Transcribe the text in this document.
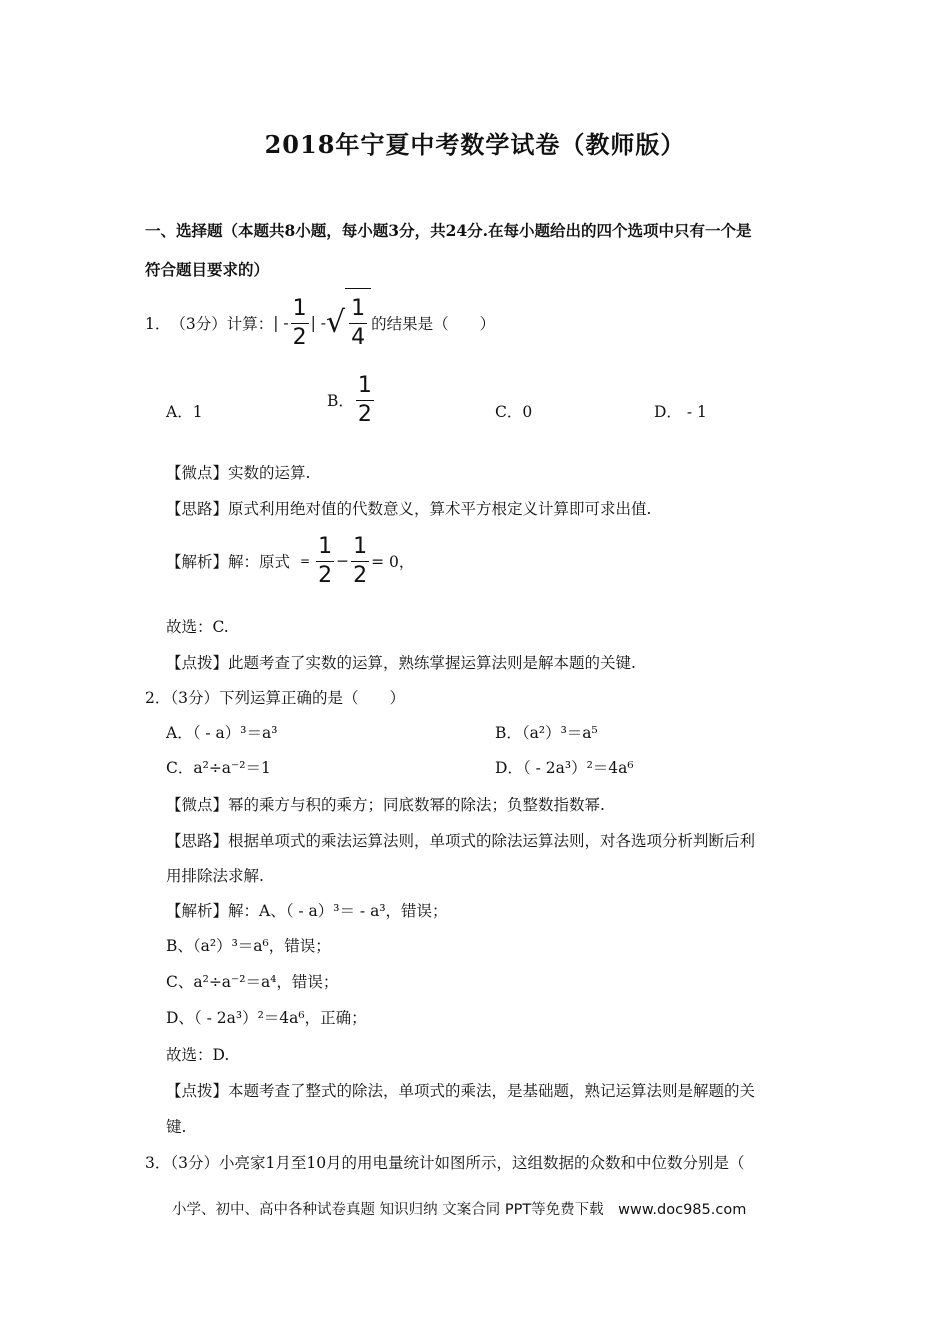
2018年宁夏中考数学试卷（教师版）
一、选择题（本题共8小题，每小题3分，共24分.在每小题给出的四个选项中只有一个是
符合题目要求的）
1． （3分）计算： | - $\frac{1}{2}$ | - √ $\frac{1}{4}$ 的结果是（　　）
A．1
B． $\frac{1}{2}$	C．0	D． - 1
【微点】实数的运算.
【思路】原式利用绝对值的代数意义，算术平方根定义计算即可求出值.
【解析】解：原式 = $\frac{1}{2} - \frac{1}{2} = 0$，
故选：C.
【点拨】此题考查了实数的运算，熟练掌握运算法则是解本题的关键.
2．（3分）下列运算正确的是（　　）
A．（ - a）³＝a³	B．（a²）³＝a⁵
C．a²÷a⁻²＝1	D．（ - 2a³）²＝4a⁶
【微点】幂的乘方与积的乘方；同底数幂的除法；负整数指数幂.
【思路】根据单项式的乘法运算法则，单项式的除法运算法则，对各选项分析判断后利
用排除法求解.
【解析】解：A、（ - a）³＝ - a³，错误；
B、（a²）³＝a⁶，错误；
C、a²÷a⁻²＝a⁴，错误；
D、（ - 2a³）²＝4a⁶，正确；
故选：D.
【点拨】本题考查了整式的除法，单项式的乘法，是基础题，熟记运算法则是解题的关
键.
3．（3分）小亮家1月至10月的用电量统计如图所示，这组数据的众数和中位数分别是（
小学、初中、高中各种试卷真题 知识归纳 文案合同 PPT等免费下载　www.doc985.com
